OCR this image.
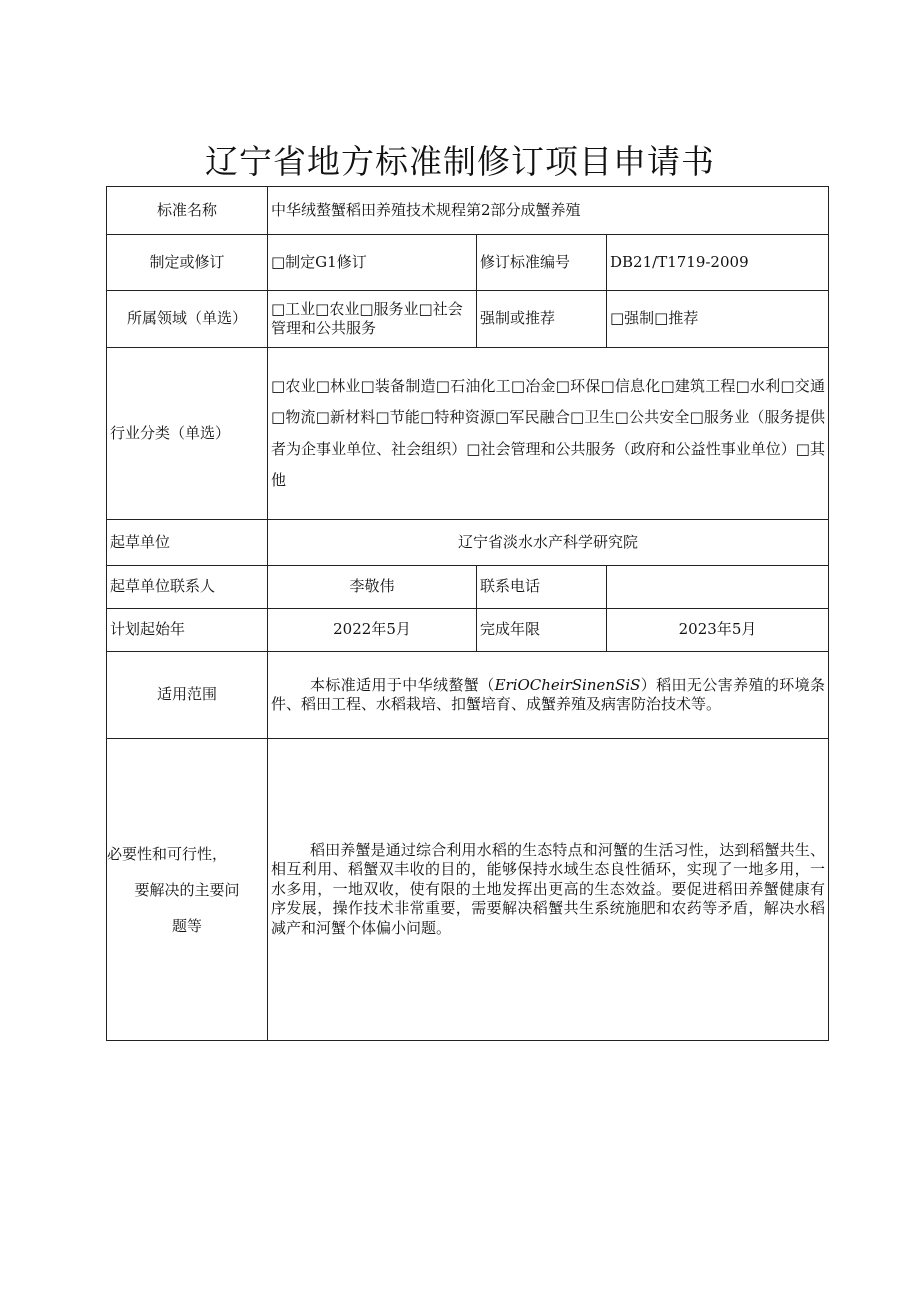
辽宁省地方标准制修订项目申请书
标准名称	中华绒螯蟹稻田养殖技术规程第2部分成蟹养殖		
制定或修订	□制定G1修订	修订标准编号	DB21/T1719-2009
所属领域（单选）	□工业□农业□服务业□社会管理和公共服务	强制或推荐	□强制□推荐
行业分类（单选）	□农业□林业□装备制造□石油化工□冶金□环保□信息化□建筑工程□水利□交通□物流□新材料□节能□特种资源□军民融合□卫生□公共安全□服务业（服务提供者为企事业单位、社会组织）□社会管理和公共服务（政府和公益性事业单位）□其他		
起草单位	辽宁省淡水水产科学研究院		
起草单位联系人	李敬伟	联系电话	
计划起始年	2022年5月	完成年限	2023年5月
适用范围	本标准适用于中华绒螯蟹（EriOCheirSinenSiS）稻田无公害养殖的环境条件、稻田工程、水稻栽培、扣蟹培育、成蟹养殖及病害防治技术等。		

必要性和可行性，
要解决的主要问
题等	稻田养蟹是通过综合利用水稻的生态特点和河蟹的生活习性，达到稻蟹共生、相互利用、稻蟹双丰收的目的，能够保持水域生态良性循环，实现了一地多用，一水多用，一地双收，使有限的土地发挥出更高的生态效益。要促进稻田养蟹健康有序发展，操作技术非常重要，需要解决稻蟹共生系统施肥和农药等矛盾，解决水稻减产和河蟹个体偏小问题。		
